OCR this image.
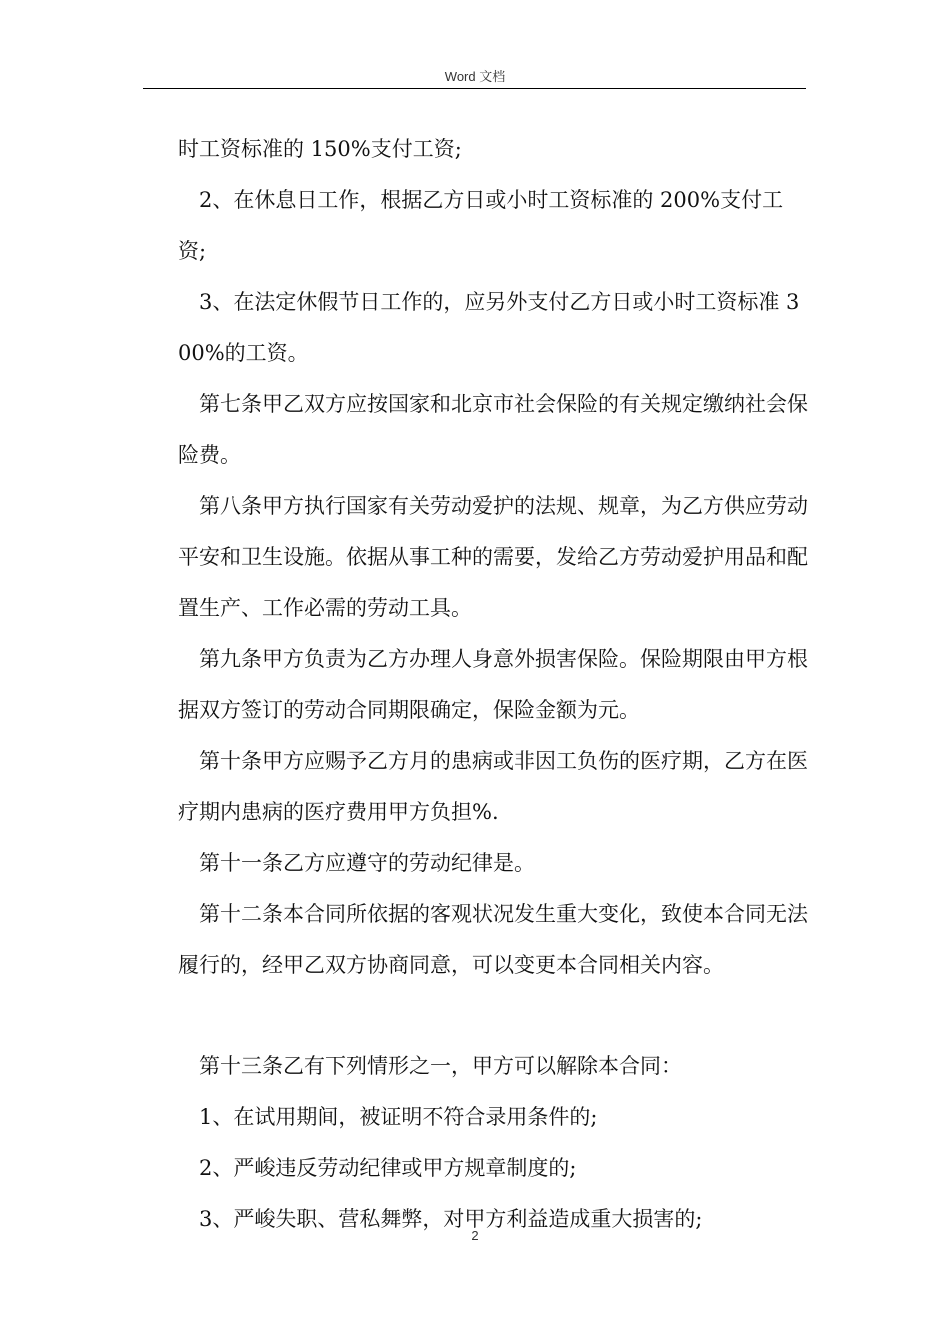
Word 文档

时工资标准的 150%支付工资;

2、在休息日工作，根据乙方日或小时工资标准的 200%支付工资;

3、在法定休假节日工作的，应另外支付乙方日或小时工资标准 300%的工资。

第七条甲乙双方应按国家和北京市社会保险的有关规定缴纳社会保险费。

第八条甲方执行国家有关劳动爱护的法规、规章，为乙方供应劳动平安和卫生设施。依据从事工种的需要，发给乙方劳动爱护用品和配置生产、工作必需的劳动工具。

第九条甲方负责为乙方办理人身意外损害保险。保险期限由甲方根据双方签订的劳动合同期限确定，保险金额为元。

第十条甲方应赐予乙方月的患病或非因工负伤的医疗期，乙方在医疗期内患病的医疗费用甲方负担%.

第十一条乙方应遵守的劳动纪律是。

第十二条本合同所依据的客观状况发生重大变化，致使本合同无法履行的，经甲乙双方协商同意，可以变更本合同相关内容。

第十三条乙有下列情形之一，甲方可以解除本合同：

1、在试用期间，被证明不符合录用条件的;

2、严峻违反劳动纪律或甲方规章制度的;

3、严峻失职、营私舞弊，对甲方利益造成重大损害的;

2
